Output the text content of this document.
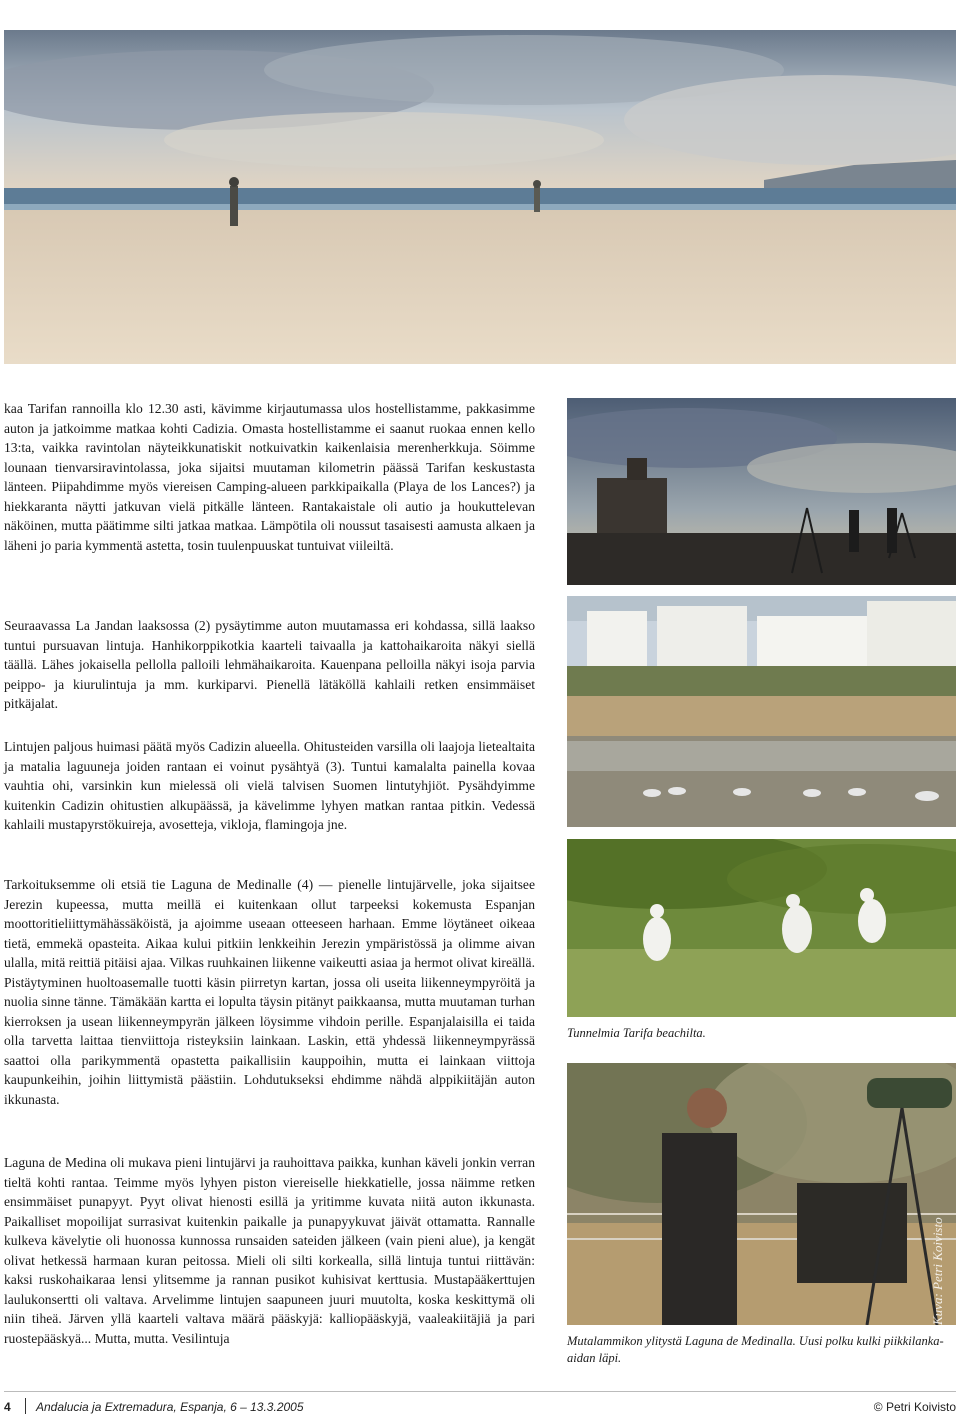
kaa Tarifan rannoilla klo 12.30 asti, kävimme kirjautumassa ulos hostellistamme, pakkasimme auton ja jatkoimme matkaa kohti Cadizia. Omasta hostellistamme ei saanut ruokaa ennen kello 13:ta, vaikka ravintolan näyteikkunatiskit notkuivatkin kaikenlaisia merenherkkuja. Söimme lounaan tienvarsiravintolassa, joka sijaitsi muutaman kilometrin päässä Tarifan keskustasta länteen. Piipahdimme myös viereisen Camping-alueen parkkipaikalla (Playa de los Lances?) ja hiekkaranta näytti jatkuvan vielä pitkälle länteen. Rantakaistale oli autio ja houkuttelevan näköinen, mutta päätimme silti jatkaa matkaa. Lämpötila oli noussut tasaisesti aamusta alkaen ja läheni jo paria kymmentä astetta, tosin tuulenpuuskat tuntuivat viileiltä.

Seuraavassa La Jandan laaksossa (2) pysäytimme auton muutamassa eri kohdassa, sillä laakso tuntui pursuavan lintuja. Hanhikorppikotkia kaarteli taivaalla ja kattohaikaroita näkyi siellä täällä. Lähes jokaisella pellolla palloili lehmähaikaroita. Kauenpana pelloilla näkyi isoja parvia peippo- ja kiurulintuja ja mm. kurkiparvi. Pienellä lätäköllä kahlaili retken ensimmäiset pitkäjalat.

Lintujen paljous huimasi päätä myös Cadizin alueella. Ohitusteiden varsilla oli laajoja lietealtaita ja matalia laguuneja joiden rantaan ei voinut pysähtyä (3). Tuntui kamalalta painella kovaa vauhtia ohi, varsinkin kun mielessä oli vielä talvisen Suomen lintutyhjiöt. Pysähdyimme kuitenkin Cadizin ohitustien alkupäässä, ja kävelimme lyhyen matkan rantaa pitkin. Vedessä kahlaili mustapyrstökuireja, avosetteja, vikloja, flamingoja jne.

Tarkoituksemme oli etsiä tie Laguna de Medinalle (4) — pienelle lintujärvelle, joka sijaitsee Jerezin kupeessa, mutta meillä ei kuitenkaan ollut tarpeeksi kokemusta Espanjan moottoritieliittymähässäköistä, ja ajoimme useaan otteeseen harhaan. Emme löytäneet oikeaa tietä, emmekä opasteita. Aikaa kului pitkiin lenkkeihin Jerezin ympäristössä ja olimme aivan ulalla, mitä reittiä pitäisi ajaa. Vilkas ruuhkainen liikenne vaikeutti asiaa ja hermot olivat kireällä. Pistäytyminen huoltoasemalle tuotti käsin piirretyn kartan, jossa oli useita liikenneympyröitä ja nuolia sinne tänne. Tämäkään kartta ei lopulta täysin pitänyt paikkaansa, mutta muutaman turhan kierroksen ja usean liikenneympyrän jälkeen löysimme vihdoin perille. Espanjalaisilla ei taida olla tarvetta laittaa tienviittoja risteyksiin lainkaan. Laskin, että yhdessä liikenneympyrässä saattoi olla parikymmentä opastetta paikallisiin kauppoihin, mutta ei lainkaan viittoja kaupunkeihin, joihin liittymistä päästiin. Lohdutukseksi ehdimme nähdä alppikiitäjän auton ikkunasta.

Laguna de Medina oli mukava pieni lintujärvi ja rauhoittava paikka, kunhan käveli jonkin verran tieltä kohti rantaa. Teimme myös lyhyen piston viereiselle hiekkatielle, jossa näimme retken ensimmäiset punapyyt. Pyyt olivat hienosti esillä ja yritimme kuvata niitä auton ikkunasta. Paikalliset mopoilijat surrasivat kuitenkin paikalle ja punapyykuvat jäivät ottamatta. Rannalle kulkeva kävelytie oli huonossa kunnossa runsaiden sateiden jälkeen (vain pieni alue), ja kengät olivat hetkessä harmaan kuran peitossa. Mieli oli silti korkealla, sillä lintuja tuntui riittävän: kaksi ruskohaikaraa lensi ylitsemme ja rannan pusikot kuhisivat kerttusia. Mustapääkerttujen laulukonsertti oli valtava. Arvelimme lintujen saapuneen juuri muutolta, koska keskittymä oli niin tiheä. Järven yllä kaarteli valtava määrä pääskyjä: kalliopääskyjä, vaaleakiitäjiä ja pari ruostepääskyä... Mutta, mutta. Vesilintuja

Tunnelmia Tarifa beachilta.
Mutalammikon ylitystä Laguna de Medinalla. Uusi polku kulki piikkilanka-aidan läpi.
4 Andalucia ja Extremadura, Espanja, 6 – 13.3.2005	© Petri Koivisto
